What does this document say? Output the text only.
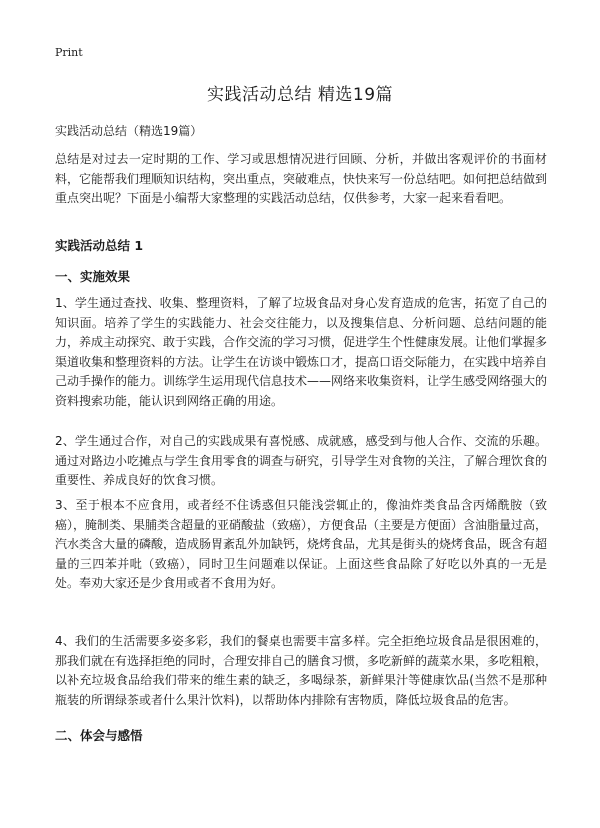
Print
实践活动总结 精选19篇
实践活动总结（精选19篇）

总结是对过去一定时期的工作、学习或思想情况进行回顾、分析，并做出客观评价的书面材料，它能帮我们理顺知识结构，突出重点，突破难点，快快来写一份总结吧。如何把总结做到重点突出呢？下面是小编帮大家整理的实践活动总结，仅供参考，大家一起来看看吧。

实践活动总结 1
一、实施效果

1、学生通过查找、收集、整理资料，了解了垃圾食品对身心发育造成的危害，拓宽了自己的知识面。培养了学生的实践能力、社会交往能力，以及搜集信息、分析问题、总结问题的能力，养成主动探究、敢于实践，合作交流的学习习惯，促进学生个性健康发展。让他们掌握多渠道收集和整理资料的方法。让学生在访谈中锻炼口才，提高口语交际能力，在实践中培养自己动手操作的能力。训练学生运用现代信息技术——网络来收集资料，让学生感受网络强大的资料搜索功能，能认识到网络正确的用途。

2、学生通过合作，对自己的实践成果有喜悦感、成就感，感受到与他人合作、交流的乐趣。通过对路边小吃摊点与学生食用零食的调查与研究，引导学生对食物的关注，了解合理饮食的重要性、养成良好的饮食习惯。

3、至于根本不应食用，或者经不住诱惑但只能浅尝辄止的，像油炸类食品含丙烯酰胺（致癌），腌制类、果脯类含超量的亚硝酸盐（致癌），方便食品（主要是方便面）含油脂量过高，汽水类含大量的磷酸，造成肠胃紊乱外加缺钙，烧烤食品，尤其是街头的烧烤食品，既含有超量的三四苯并吡（致癌），同时卫生问题难以保证。上面这些食品除了好吃以外真的一无是处。奉劝大家还是少食用或者不食用为好。

4、我们的生活需要多姿多彩，我们的餐桌也需要丰富多样。完全拒绝垃圾食品是很困难的，那我们就在有选择拒绝的同时，合理安排自己的膳食习惯，多吃新鲜的蔬菜水果，多吃粗粮，以补充垃圾食品给我们带来的维生素的缺乏，多喝绿茶，新鲜果汁等健康饮品(当然不是那种瓶装的所谓绿茶或者什么果汁饮料)，以帮助体内排除有害物质，降低垃圾食品的危害。

二、体会与感悟
